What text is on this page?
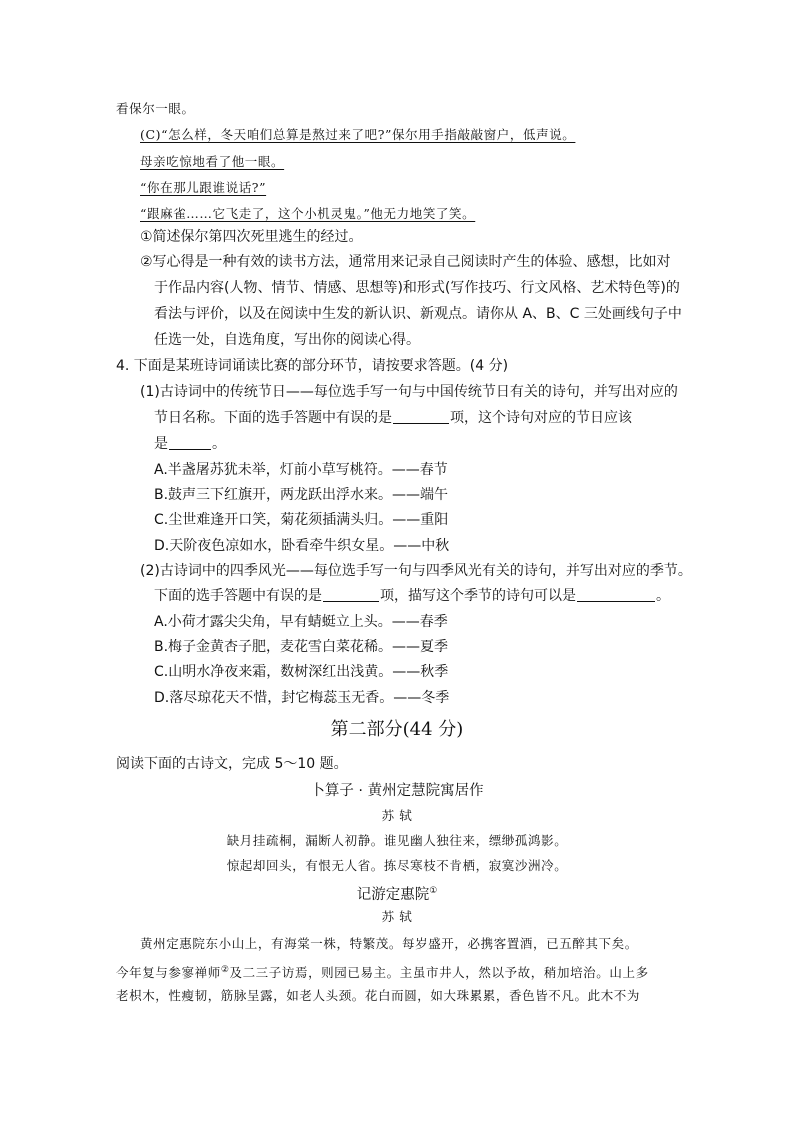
看保尔一眼。
(C)“怎么样，冬天咱们总算是熬过来了吧?”保尔用手指敲敲窗户，低声说。
母亲吃惊地看了他一眼。
“你在那儿跟谁说话?”
“跟麻雀……它飞走了，这个小机灵鬼。”他无力地笑了笑。
①简述保尔第四次死里逃生的经过。
②写心得是一种有效的读书方法，通常用来记录自己阅读时产生的体验、感想，比如对
于作品内容(人物、情节、情感、思想等)和形式(写作技巧、行文风格、艺术特色等)的
看法与评价，以及在阅读中生发的新认识、新观点。请你从 A、B、C 三处画线句子中
任选一处，自选角度，写出你的阅读心得。
4. 下面是某班诗词诵读比赛的部分环节，请按要求答题。(4 分)
(1)古诗词中的传统节日——每位选手写一句与中国传统节日有关的诗句，并写出对应的
节日名称。下面的选手答题中有误的是	项，这个诗句对应的节日应该
是	。
A.半盏屠苏犹未举，灯前小草写桃符。——春节
B.鼓声三下红旗开，两龙跃出浮水来。——端午
C.尘世难逢开口笑，菊花须插满头归。——重阳
D.天阶夜色凉如水，卧看牵牛织女星。——中秋
(2)古诗词中的四季风光——每位选手写一句与四季风光有关的诗句，并写出对应的季节。
下面的选手答题中有误的是	项，描写这个季节的诗句可以是	。
A.小荷才露尖尖角，早有蜻蜓立上头。——春季
B.梅子金黄杏子肥，麦花雪白菜花稀。——夏季
C.山明水净夜来霜，数树深红出浅黄。——秋季
D.落尽琼花天不惜，封它梅蕊玉无香。——冬季
第二部分(44 分)
阅读下面的古诗文，完成 5～10 题。
卜算子 · 黄州定慧院寓居作
苏 轼
缺月挂疏桐，漏断人初静。谁见幽人独往来，缥缈孤鸿影。
惊起却回头，有恨无人省。拣尽寒枝不肯栖，寂寞沙洲冷。
记游定惠院①
苏 轼
黄州定惠院东小山上，有海棠一株，特繁茂。每岁盛开，必携客置酒，已五醉其下矣。
今年复与参寥禅师②及二三子访焉，则园已易主。主虽市井人，然以予故，稍加培治。山上多
老枳木，性瘦韧，筋脉呈露，如老人头颈。花白而圆，如大珠累累，香色皆不凡。此木不为
